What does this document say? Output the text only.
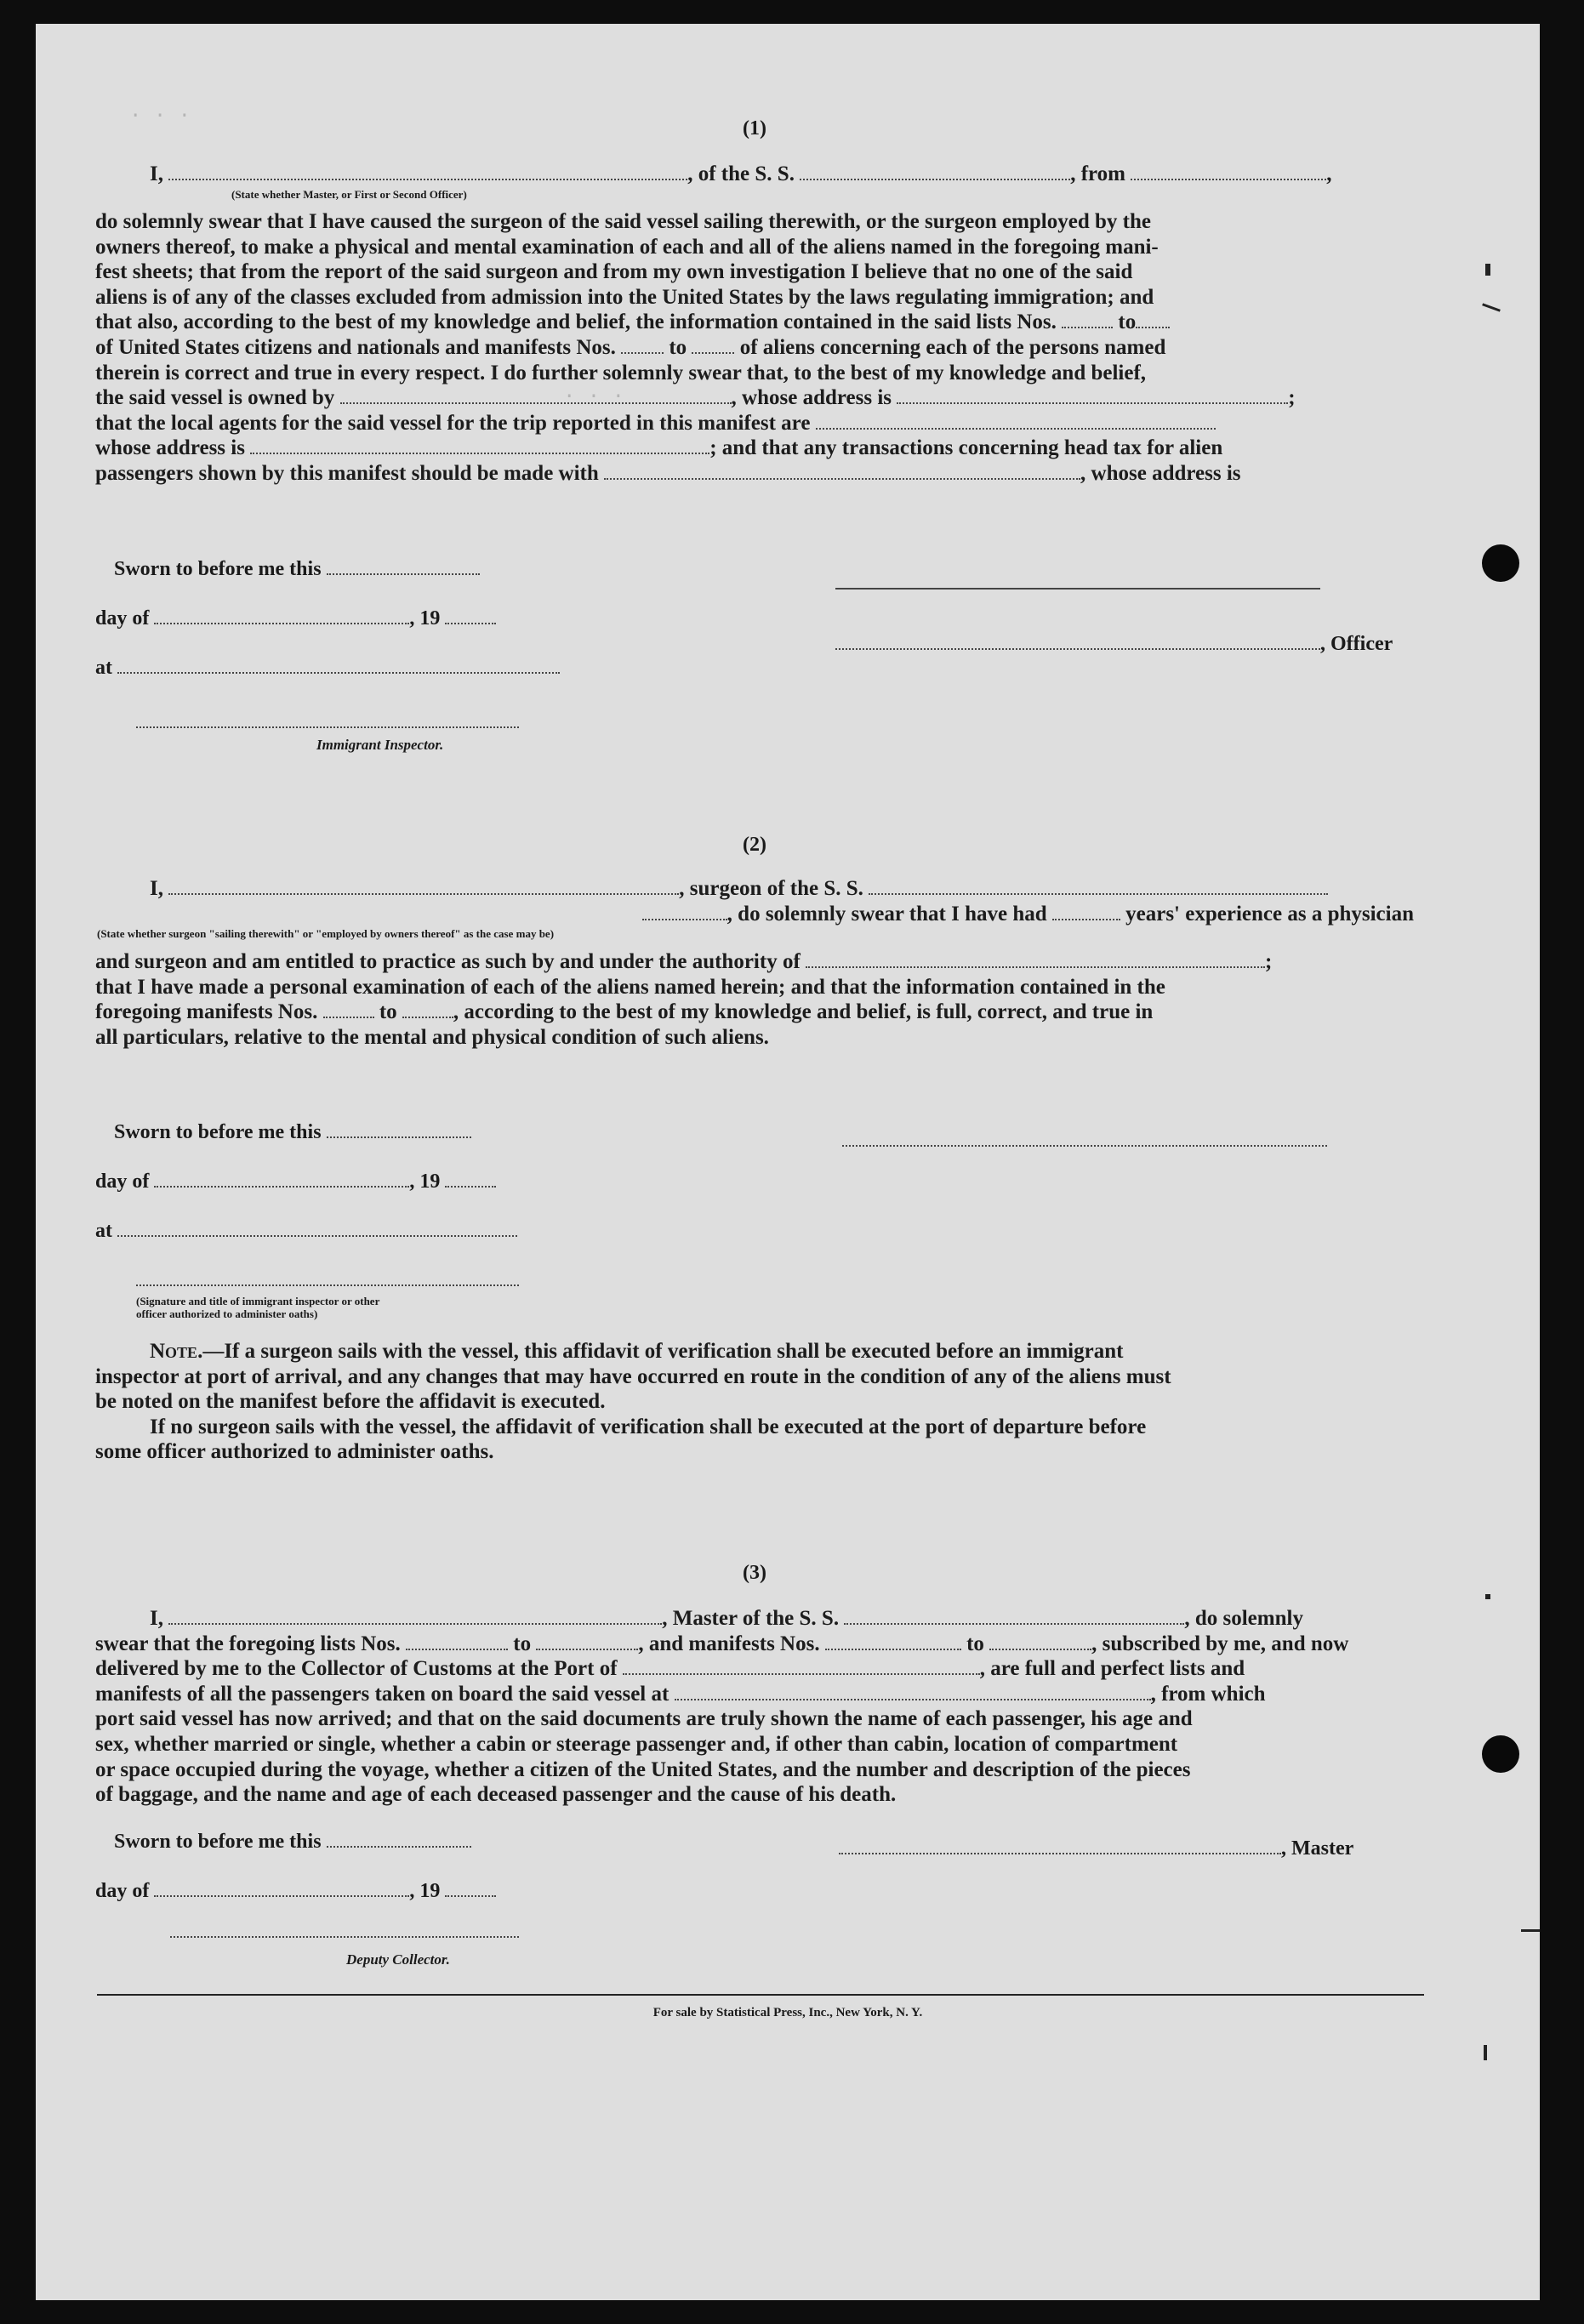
. . .
. . .
(1)
I,	, of the S. S.	, from	,
(State whether Master, or First or Second Officer)
do solemnly swear that I have caused the surgeon of the said vessel sailing therewith, or the surgeon employed by the
owners thereof, to make a physical and mental examination of each and all of the aliens named in the foregoing mani-
fest sheets; that from the report of the said surgeon and from my own investigation I believe that no one of the said
aliens is of any of the classes excluded from admission into the United States by the laws regulating immigration; and
that also, according to the best of my knowledge and belief, the information contained in the said lists Nos.	to
of United States citizens and nationals and manifests Nos.	to	of aliens concerning each of the persons named
therein is correct and true in every respect. I do further solemnly swear that, to the best of my knowledge and belief,
the said vessel is owned by	, whose address is	;
that the local agents for the said vessel for the trip reported in this manifest are
whose address is	; and that any transactions concerning head tax for alien
passengers shown by this manifest should be made with	, whose address is
Sworn to before me this
day of	, 19
, Officer
at
Immigrant Inspector.
(2)
I,	, surgeon of the S. S.
, do solemnly swear that I have had	years' experience as a physician
(State whether surgeon "sailing therewith" or "employed by owners thereof" as the case may be)
and surgeon and am entitled to practice as such by and under the authority of	;
that I have made a personal examination of each of the aliens named herein; and that the information contained in the
foregoing manifests Nos.	to	, according to the best of my knowledge and belief, is full, correct, and true in
all particulars, relative to the mental and physical condition of such aliens.
Sworn to before me this
day of	, 19
at
(Signature and title of immigrant inspector or other officer authorized to administer oaths)
Note.—If a surgeon sails with the vessel, this affidavit of verification shall be executed before an immigrant
inspector at port of arrival, and any changes that may have occurred en route in the condition of any of the aliens must
be noted on the manifest before the affidavit is executed.
If no surgeon sails with the vessel, the affidavit of verification shall be executed at the port of departure before
some officer authorized to administer oaths.
(3)
I,	, Master of the S. S.	, do solemnly
swear that the foregoing lists Nos.	to	, and manifests Nos.	to	, subscribed by me, and now
delivered by me to the Collector of Customs at the Port of	, are full and perfect lists and
manifests of all the passengers taken on board the said vessel at	, from which
port said vessel has now arrived; and that on the said documents are truly shown the name of each passenger, his age and
sex, whether married or single, whether a cabin or steerage passenger and, if other than cabin, location of compartment
or space occupied during the voyage, whether a citizen of the United States, and the number and description of the pieces
of baggage, and the name and age of each deceased passenger and the cause of his death.
Sworn to before me this	, Master
day of	, 19
Deputy Collector.
For sale by Statistical Press, Inc., New York, N. Y.
